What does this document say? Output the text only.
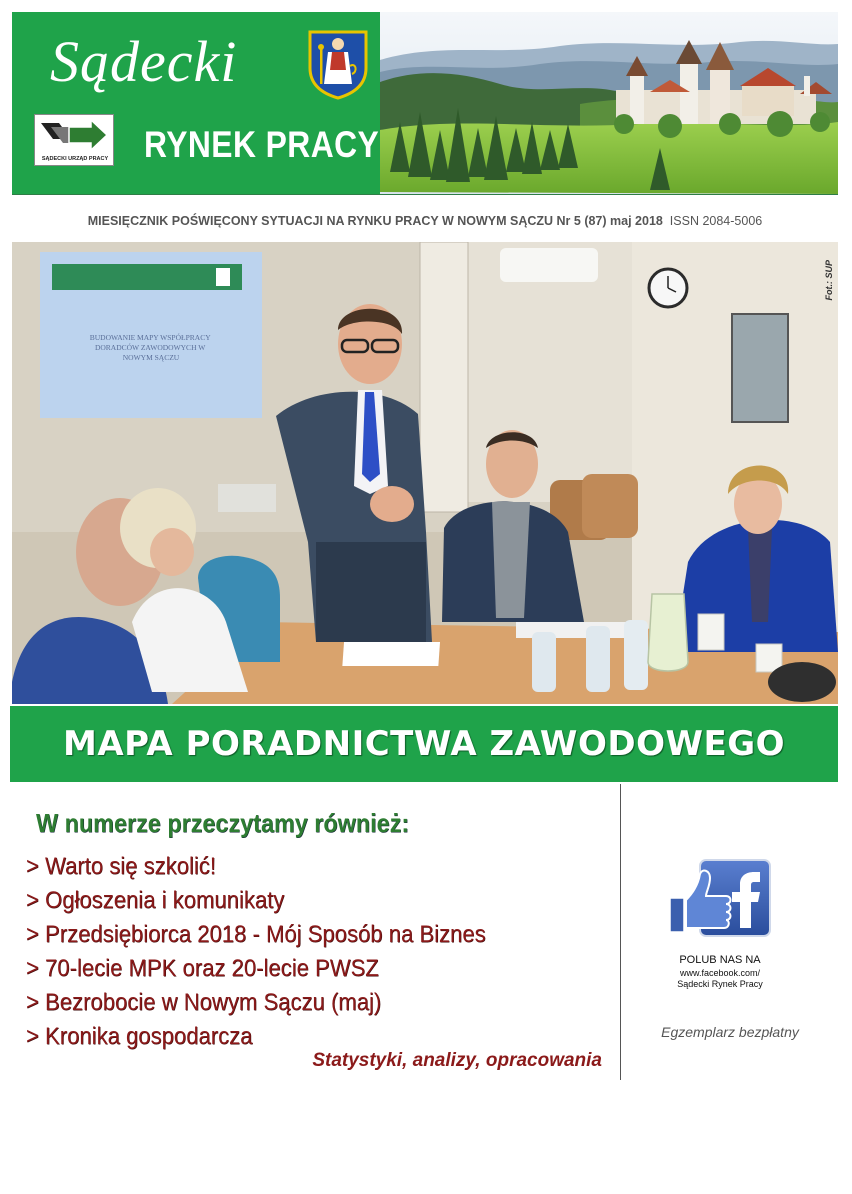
Sądecki
SĄDECKI URZĄD PRACY RYNEK PRACY
MIESIĘCZNIK POŚWIĘCONY SYTUACJI NA RYNKU PRACY W NOWYM SĄCZU Nr 5 (87) maj 2018 ISSN 2084-5006
BUDOWANIE MAPY WSPÓŁPRACY DORADCÓW ZAWODOWYCH W NOWYM SĄCZU
Fot.: SUP
MAPA PORADNICTWA ZAWODOWEGO
W numerze przeczytamy również:
> Warto się szkolić!
> Ogłoszenia i komunikaty
> Przedsiębiorca 2018 - Mój Sposób na Biznes
> 70-lecie MPK oraz 20-lecie PWSZ
> Bezrobocie w Nowym Sączu (maj)
> Kronika gospodarcza
Statystyki, analizy, opracowania
POLUB NAS NA
www.facebook.com/
Sądecki Rynek Pracy
Egzemplarz bezpłatny
